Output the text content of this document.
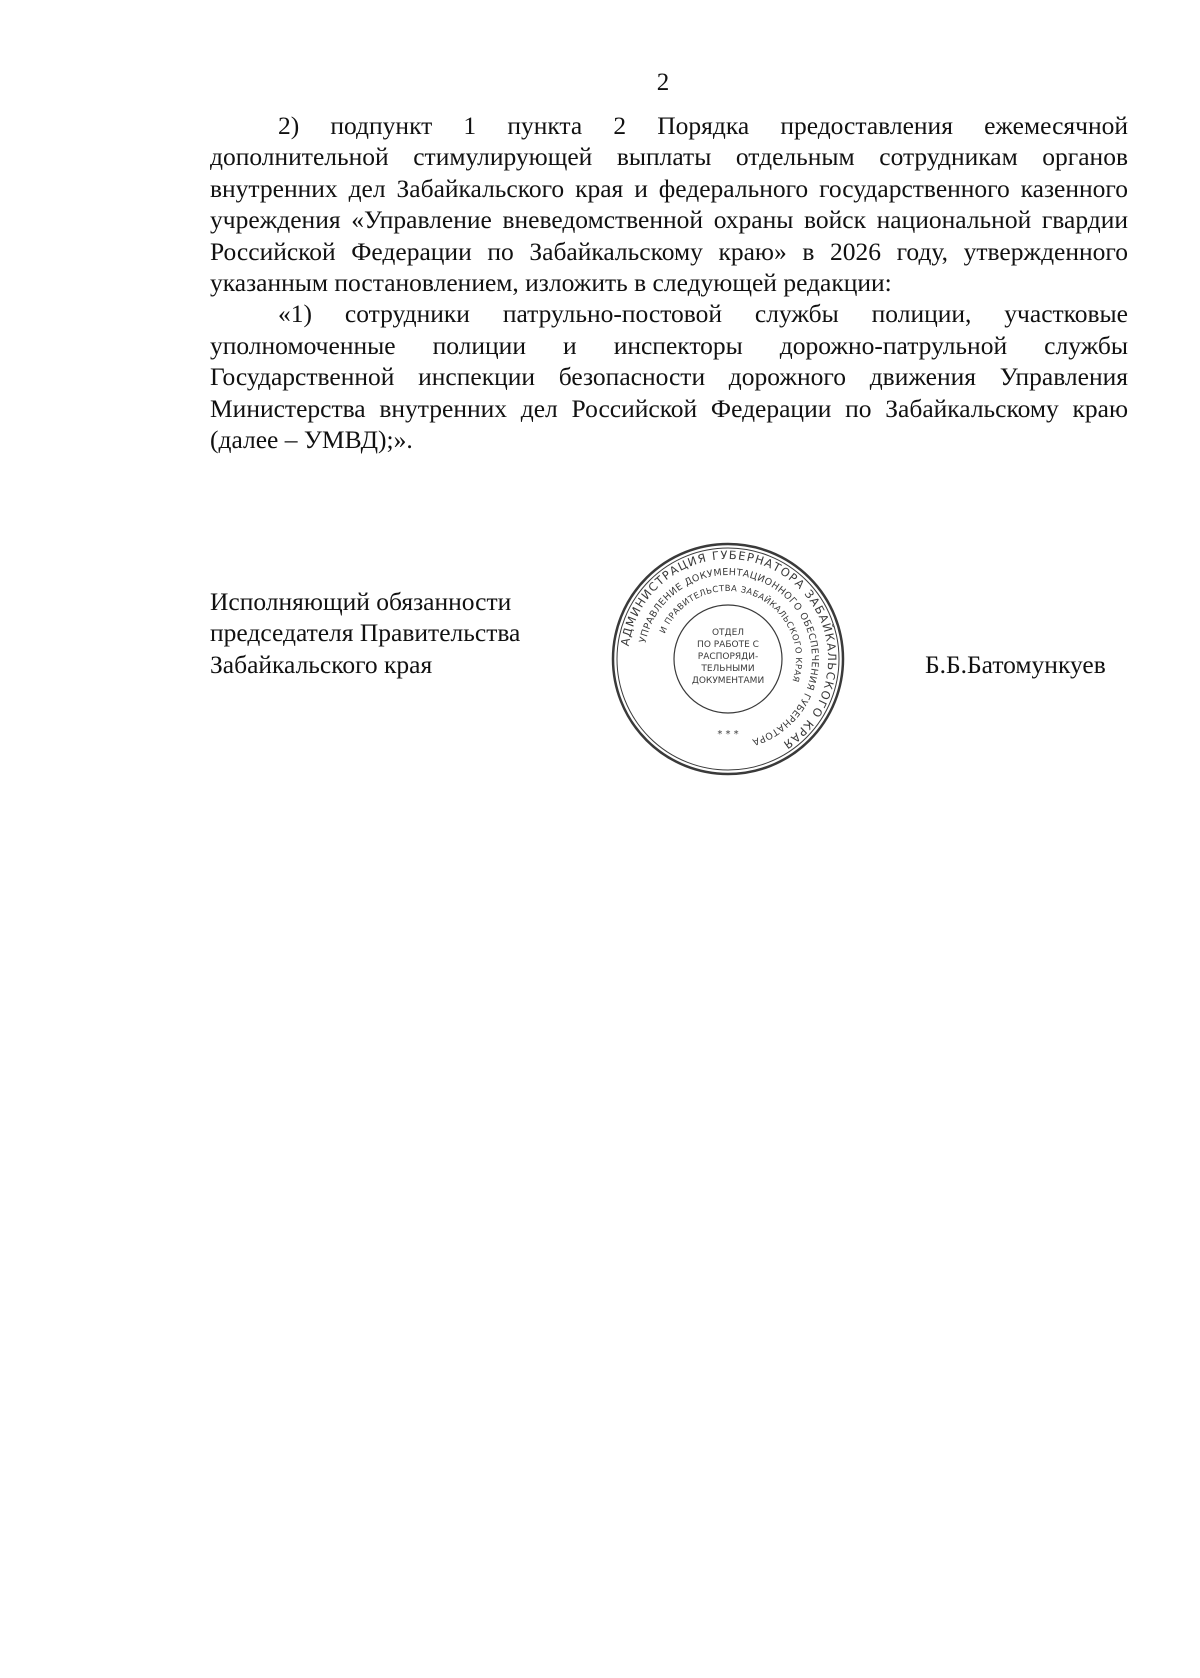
2

2) подпункт 1 пункта 2 Порядка предоставления ежемесячной дополнительной стимулирующей выплаты отдельным сотрудникам органов внутренних дел Забайкальского края и федерального государственного казенного учреждения «Управление вневедомственной охраны войск национальной гвардии Российской Федерации по Забайкальскому краю» в 2026 году, утвержденного указанным постановлением, изложить в следующей редакции:

«1) сотрудники патрульно-постовой службы полиции, участковые уполномоченные полиции и инспекторы дорожно-патрульной службы Государственной инспекции безопасности дорожного движения Управления Министерства внутренних дел Российской Федерации по Забайкальскому краю (далее – УМВД);».

Исполняющий обязанности
председателя Правительства
Забайкальского края
АДМИНИСТРАЦИЯ ГУБЕРНАТОРА ЗАБАЙКАЛЬСКОГО КРАЯ
УПРАВЛЕНИЕ ДОКУМЕНТАЦИОННОГО ОБЕСПЕЧЕНИЯ ГУБЕРНАТОРА
И ПРАВИТЕЛЬСТВА ЗАБАЙКАЛЬСКОГО КРАЯ
ОТДЕЛ
ПО РАБОТЕ С
РАСПОРЯДИ-
ТЕЛЬНЫМИ
ДОКУМЕНТАМИ
* * *
Б.Б.Батомункуев
